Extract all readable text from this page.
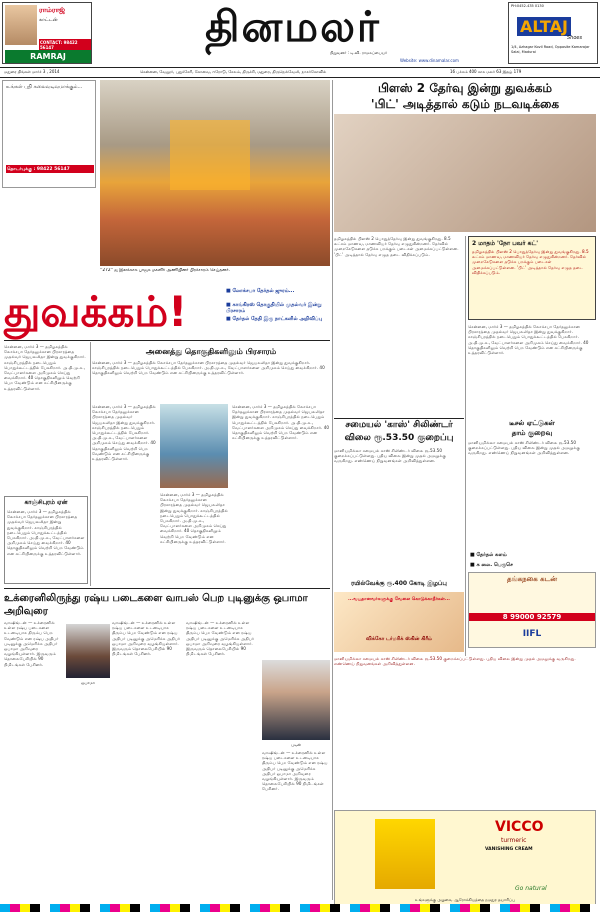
ராம்ராஜ்
காட்டன்
CONTACT: 98422 56147
RAMRAJ
தினமலர்
நிறுவனர் : டி.வி. ராமசுப்பையர்
Website: www.dinamalar.com
PH:0452-435 0130
ALTAJ
Shoes
1/4, Azhagar Kovil Road, Opposite Kamarajar Salai, Madurai
மதுரை திங்கள் மார்ச் 3 , 2014	சென்னை, வேலூர், புதுச்சேரி, கோவை, ஈரோடு, சேலம், திருச்சி, மதுரை, திருநெல்வேலி, நாகர்கோவில்	16 பக்கம் 400 காசு மலர் 63 இதழ் 179
உங்கள் புதி கலைவடிவமாக்கும்...
தொடர்புக்கு : 98422 56147
''272'' ஐ இலக்காக பாஜக மகளிர் அணியினர் பிரச்சாரம் செய்தனர்.
பிளஸ் 2 தேர்வு இன்று துவக்கம்
'பிட்' அடித்தால் கடும் நடவடிக்கை
தமிழகத்தில் பிளஸ் 2 பொதுத்தேர்வு இன்று துவங்குகிறது. 8.5 லட்சம் மாணவ, மாணவியர் தேர்வு எழுதுகின்றனர். தேர்வில் முறைகேடுகளை தடுக்க பறக்கும் படைகள் அமைக்கப்பட்டுள்ளன. 'பிட்' அடித்தால் தேர்வு எழுத தடை விதிக்கப்படும்.
2 மாதம் 'நோ பவர் கட்'
தமிழகத்தில் பிளஸ் 2 பொதுத்தேர்வு இன்று துவங்குகிறது. 8.5 லட்சம் மாணவ, மாணவியர் தேர்வு எழுதுகின்றனர். தேர்வில் முறைகேடுகளை தடுக்க பறக்கும் படைகள் அமைக்கப்பட்டுள்ளன. 'பிட்' அடித்தால் தேர்வு எழுத தடை விதிக்கப்படும்.
சென்னை, மார்ச் 3 — தமிழகத்தில் லோக்சபா தேர்தலுக்கான பிரசாரத்தை முதல்வர் ஜெயலலிதா இன்று துவக்குகிறார். காஞ்சிபுரத்தில் நடைபெறும் பொதுக்கூட்டத்தில் பேசுகிறார். அ.தி.மு.க., வேட்பாளர்களை அறிமுகம் செய்து வைக்கிறார். 40 தொகுதிகளிலும் வெற்றி பெற வேண்டும் என கட்சியினருக்கு உத்தரவிட்டுள்ளார்.
துவக்கம்!	■ லோக்சபா தேர்தல் ஜுரம்...
■ காங்கிரஸ் தொகுதியில் முதல்வர் இன்று பிரசாரம்
■ தேர்தல் தேதி இரு நாட்களில் அறிவிப்பு
சென்னை, மார்ச் 3 — தமிழகத்தில் லோக்சபா தேர்தலுக்கான பிரசாரத்தை முதல்வர் ஜெயலலிதா இன்று துவக்குகிறார். காஞ்சிபுரத்தில் நடைபெறும் பொதுக்கூட்டத்தில் பேசுகிறார். அ.தி.மு.க., வேட்பாளர்களை அறிமுகம் செய்து வைக்கிறார். 40 தொகுதிகளிலும் வெற்றி பெற வேண்டும் என கட்சியினருக்கு உத்தரவிட்டுள்ளார்.
காஞ்சிபுரம் ஏன்
சென்னை, மார்ச் 3 — தமிழகத்தில் லோக்சபா தேர்தலுக்கான பிரசாரத்தை முதல்வர் ஜெயலலிதா இன்று துவக்குகிறார். காஞ்சிபுரத்தில் நடைபெறும் பொதுக்கூட்டத்தில் பேசுகிறார். அ.தி.மு.க., வேட்பாளர்களை அறிமுகம் செய்து வைக்கிறார். 40 தொகுதிகளிலும் வெற்றி பெற வேண்டும் என கட்சியினருக்கு உத்தரவிட்டுள்ளார்.
அனைத்து தொகுதிகளிலும் பிரசாரம்
சென்னை, மார்ச் 3 — தமிழகத்தில் லோக்சபா தேர்தலுக்கான பிரசாரத்தை முதல்வர் ஜெயலலிதா இன்று துவக்குகிறார். காஞ்சிபுரத்தில் நடைபெறும் பொதுக்கூட்டத்தில் பேசுகிறார். அ.தி.மு.க., வேட்பாளர்களை அறிமுகம் செய்து வைக்கிறார். 40 தொகுதிகளிலும் வெற்றி பெற வேண்டும் என கட்சியினருக்கு உத்தரவிட்டுள்ளார்.
சென்னை, மார்ச் 3 — தமிழகத்தில் லோக்சபா தேர்தலுக்கான பிரசாரத்தை முதல்வர் ஜெயலலிதா இன்று துவக்குகிறார். காஞ்சிபுரத்தில் நடைபெறும் பொதுக்கூட்டத்தில் பேசுகிறார். அ.தி.மு.க., வேட்பாளர்களை அறிமுகம் செய்து வைக்கிறார். 40 தொகுதிகளிலும் வெற்றி பெற வேண்டும் என கட்சியினருக்கு உத்தரவிட்டுள்ளார்.
சென்னை, மார்ச் 3 — தமிழகத்தில் லோக்சபா தேர்தலுக்கான பிரசாரத்தை முதல்வர் ஜெயலலிதா இன்று துவக்குகிறார். காஞ்சிபுரத்தில் நடைபெறும் பொதுக்கூட்டத்தில் பேசுகிறார். அ.தி.மு.க., வேட்பாளர்களை அறிமுகம் செய்து வைக்கிறார். 40 தொகுதிகளிலும் வெற்றி பெற வேண்டும் என கட்சியினருக்கு உத்தரவிட்டுள்ளார்.
சென்னை, மார்ச் 3 — தமிழகத்தில் லோக்சபா தேர்தலுக்கான பிரசாரத்தை முதல்வர் ஜெயலலிதா இன்று துவக்குகிறார். காஞ்சிபுரத்தில் நடைபெறும் பொதுக்கூட்டத்தில் பேசுகிறார். அ.தி.மு.க., வேட்பாளர்களை அறிமுகம் செய்து வைக்கிறார். 40 தொகுதிகளிலும் வெற்றி பெற வேண்டும் என கட்சியினருக்கு உத்தரவிட்டுள்ளார்.
சமையல் 'காஸ்' சிலிண்டர்
விலை ரூ.53.50 குறைப்பு
மானியமில்லா சமையல் காஸ் சிலிண்டர் விலை ரூ.53.50 குறைக்கப்பட்டுள்ளது. புதிய விலை இன்று முதல் அமலுக்கு வருகிறது. எண்ணெய் நிறுவனங்கள் அறிவித்துள்ளன.
ரயில்வேக்கு ரூ.400 கோடி இழப்பு
டீசல் ஏட்டுகள்
தாம் குறைவு
மானியமில்லா சமையல் காஸ் சிலிண்டர் விலை ரூ.53.50 குறைக்கப்பட்டுள்ளது. புதிய விலை இன்று முதல் அமலுக்கு வருகிறது. எண்ணெய் நிறுவனங்கள் அறிவித்துள்ளன.
■ தேர்தல் களம்
■ க லை. பெருசெ
தங்கநகை கடன்
8 99000 92579
IIFL
...வயதானவர்களுக்கு வேலை கொடுக்காதீர்கள்...
விக்கோ டர்மரிக் ஸ்கின் கிரீம்
உக்ரைனிலிருந்து ரஷ்ய படைகளை வாபஸ் பெற புடினுக்கு ஒபாமா அறிவுரை
வாஷிங்டன் — உக்ரைனில் உள்ள ரஷ்ய படைகளை உடனடியாக திரும்ப பெற வேண்டும் என ரஷ்ய அதிபர் புடினுக்கு அமெரிக்க அதிபர் ஒபாமா அறிவுரை வழங்கியுள்ளார். இருவரும் தொலைபேசியில் 90 நிமிடங்கள் பேசினர்.
ஒபாமா
வாஷிங்டன் — உக்ரைனில் உள்ள ரஷ்ய படைகளை உடனடியாக திரும்ப பெற வேண்டும் என ரஷ்ய அதிபர் புடினுக்கு அமெரிக்க அதிபர் ஒபாமா அறிவுரை வழங்கியுள்ளார். இருவரும் தொலைபேசியில் 90 நிமிடங்கள் பேசினர்.
வாஷிங்டன் — உக்ரைனில் உள்ள ரஷ்ய படைகளை உடனடியாக திரும்ப பெற வேண்டும் என ரஷ்ய அதிபர் புடினுக்கு அமெரிக்க அதிபர் ஒபாமா அறிவுரை வழங்கியுள்ளார். இருவரும் தொலைபேசியில் 90 நிமிடங்கள் பேசினர்.
புடின்
வாஷிங்டன் — உக்ரைனில் உள்ள ரஷ்ய படைகளை உடனடியாக திரும்ப பெற வேண்டும் என ரஷ்ய அதிபர் புடினுக்கு அமெரிக்க அதிபர் ஒபாமா அறிவுரை வழங்கியுள்ளார். இருவரும் தொலைபேசியில் 90 நிமிடங்கள் பேசினர்.
மானியமில்லா சமையல் காஸ் சிலிண்டர் விலை ரூ.53.50 குறைக்கப்பட்டுள்ளது. புதிய விலை இன்று முதல் அமலுக்கு வருகிறது. எண்ணெய் நிறுவனங்கள் அறிவித்துள்ளன.
VICCO
turmeric
VANISHING CREAM
Go natural
உங்களுக்கு அழகை, ஆரோக்கியத்தை நமதுர தயாரிப்பு
